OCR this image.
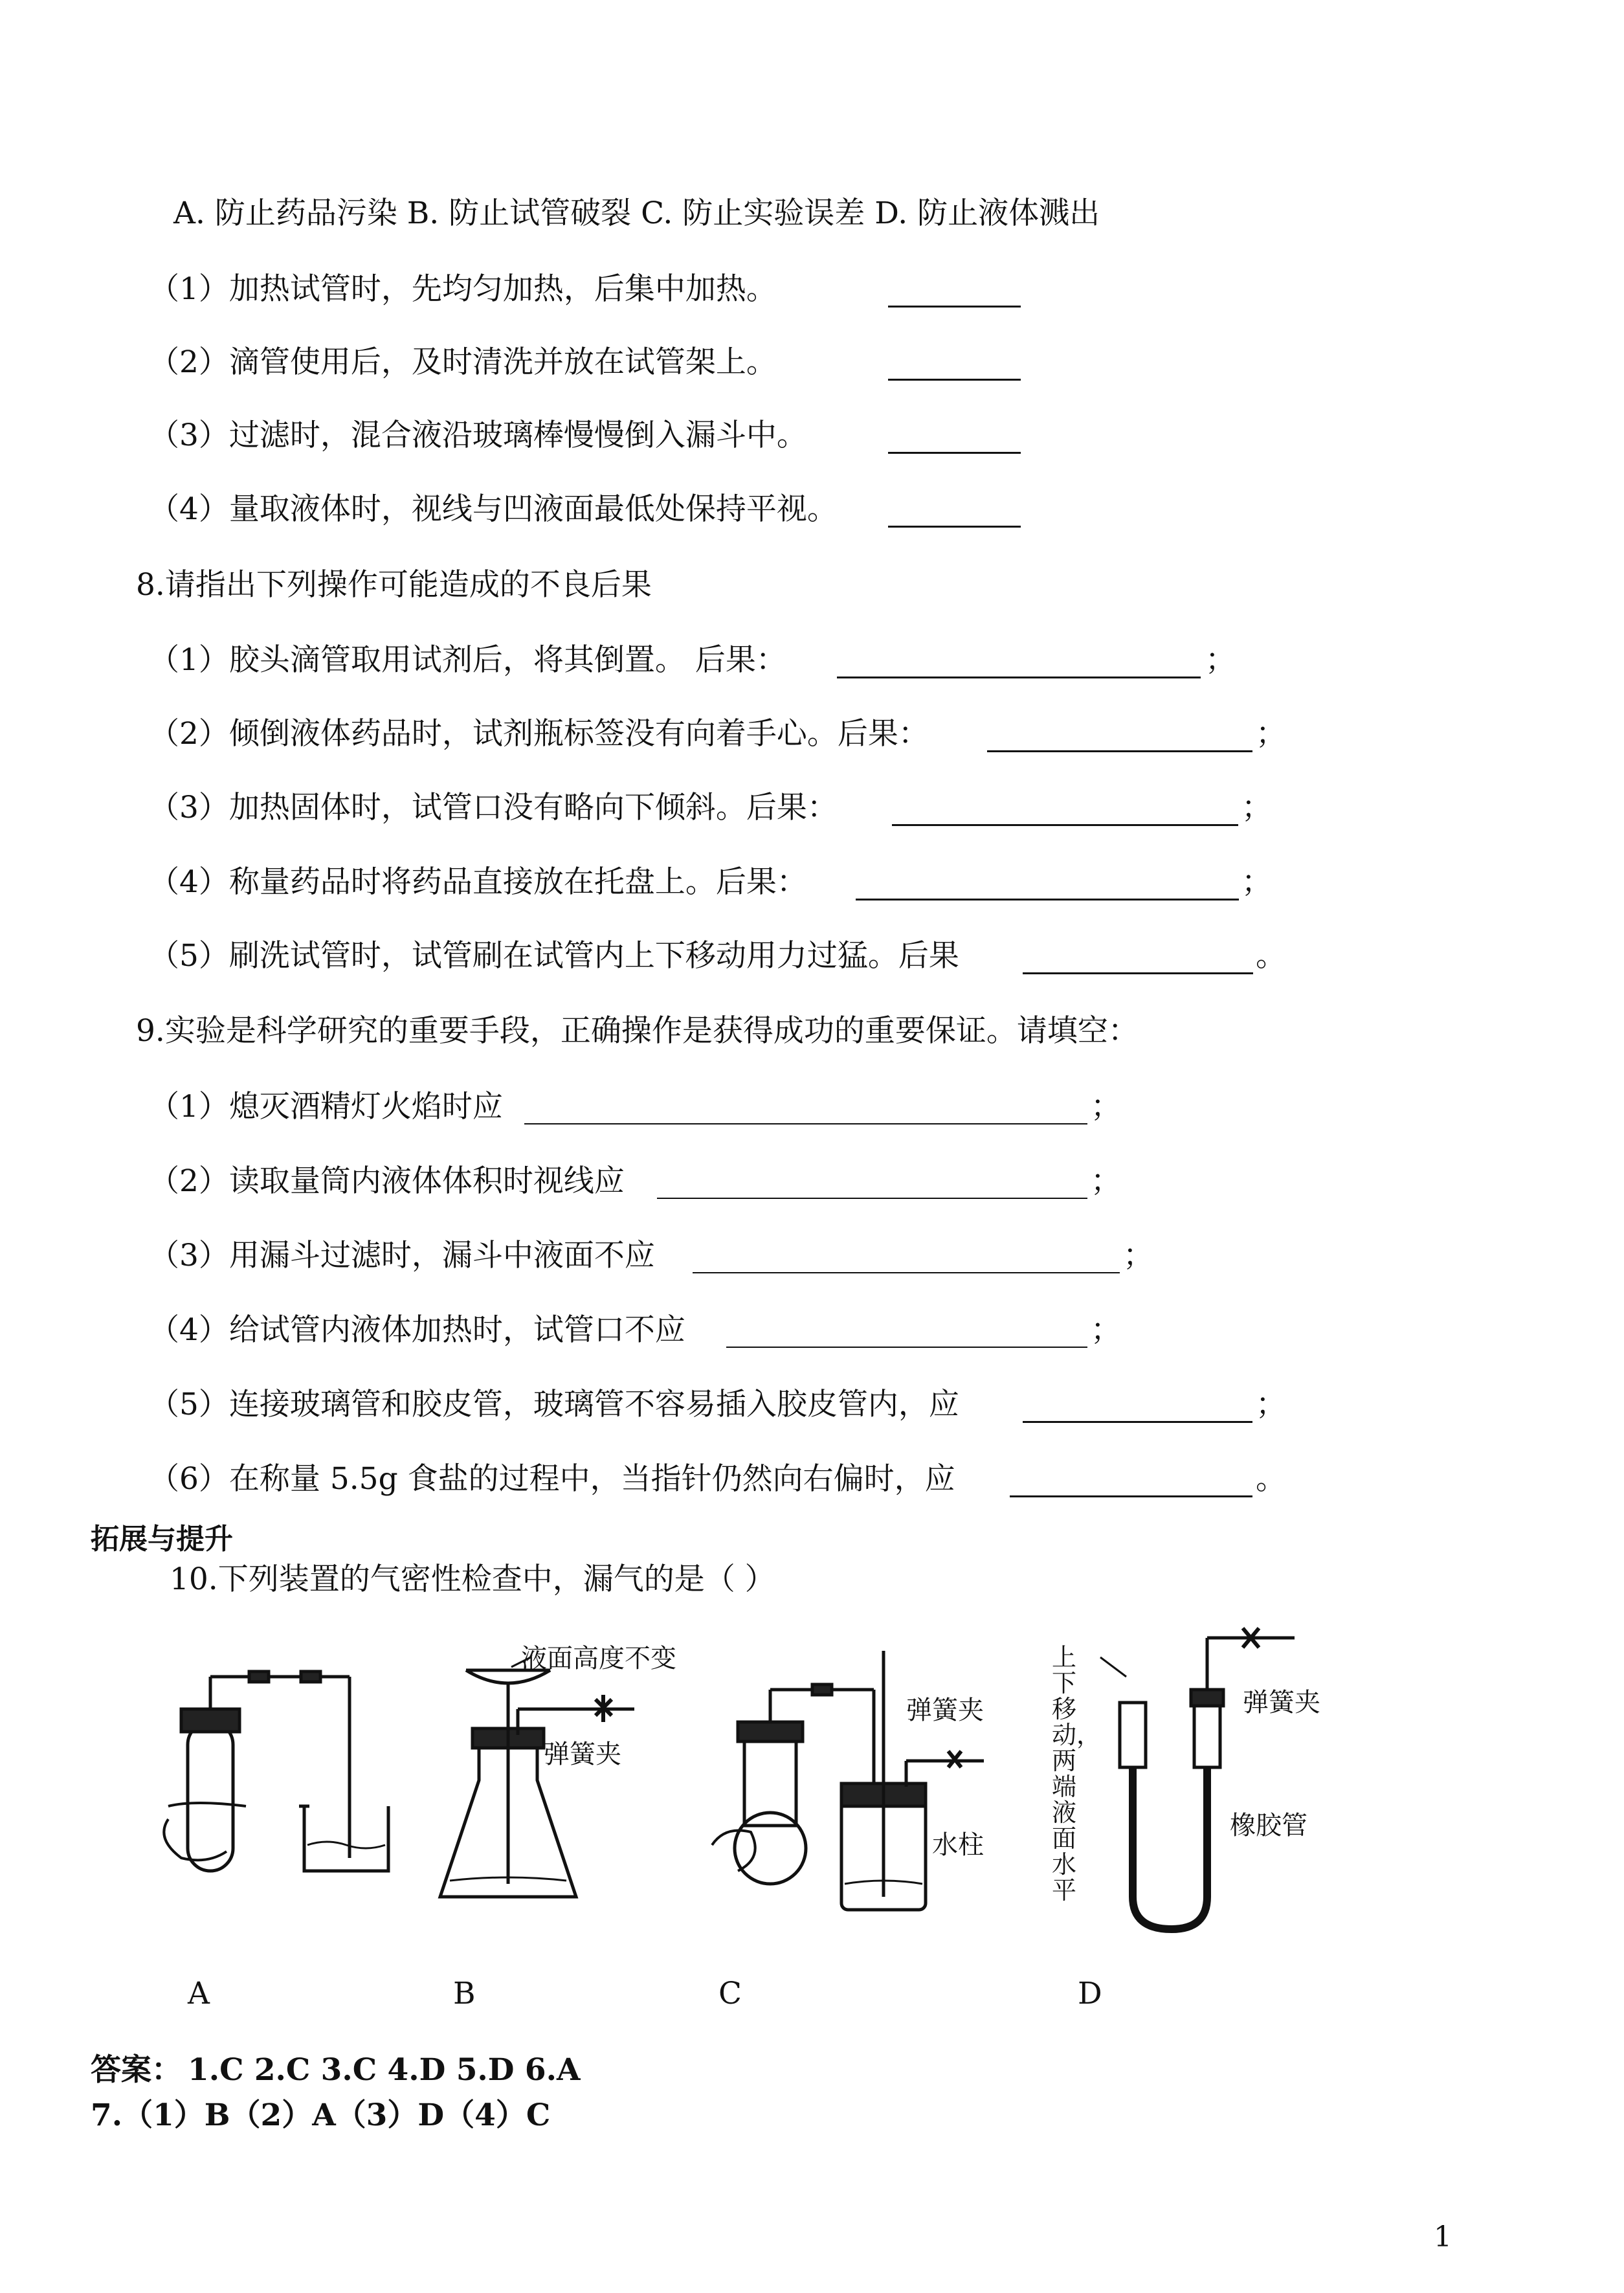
A. 防止药品污染 B. 防止试管破裂 C. 防止实验误差 D. 防止液体溅出
（1）加热试管时，先均匀加热，后集中加热。
（2）滴管使用后，及时清洗并放在试管架上。
（3）过滤时，混合液沿玻璃棒慢慢倒入漏斗中。
（4）量取液体时，视线与凹液面最低处保持平视。
8.请指出下列操作可能造成的不良后果
（1）胶头滴管取用试剂后，将其倒置。 后果：	；
（2）倾倒液体药品时，试剂瓶标签没有向着手心。后果：	；
（3）加热固体时，试管口没有略向下倾斜。后果：	；
（4）称量药品时将药品直接放在托盘上。后果：	；
（5）刷洗试管时，试管刷在试管内上下移动用力过猛。后果	。
9.实验是科学研究的重要手段，正确操作是获得成功的重要保证。请填空：
（1）熄灭酒精灯火焰时应	；
（2）读取量筒内液体体积时视线应	；
（3）用漏斗过滤时，漏斗中液面不应	；
（4）给试管内液体加热时，试管口不应	；
（5）连接玻璃管和胶皮管，玻璃管不容易插入胶皮管内，应	；
（6）在称量 5.5g 食盐的过程中，当指针仍然向右偏时，应	。
拓展与提升
10.下列装置的气密性检查中，漏气的是（ ）
液面高度不变
弹簧夹
弹簧夹
水柱
弹簧夹
橡胶管
上下移动，两端液面水平
A	B	C	D
答案： 1.C 2.C 3.C 4.D 5.D 6.A
7.（1）B（2）A（3）D（4）C
1
